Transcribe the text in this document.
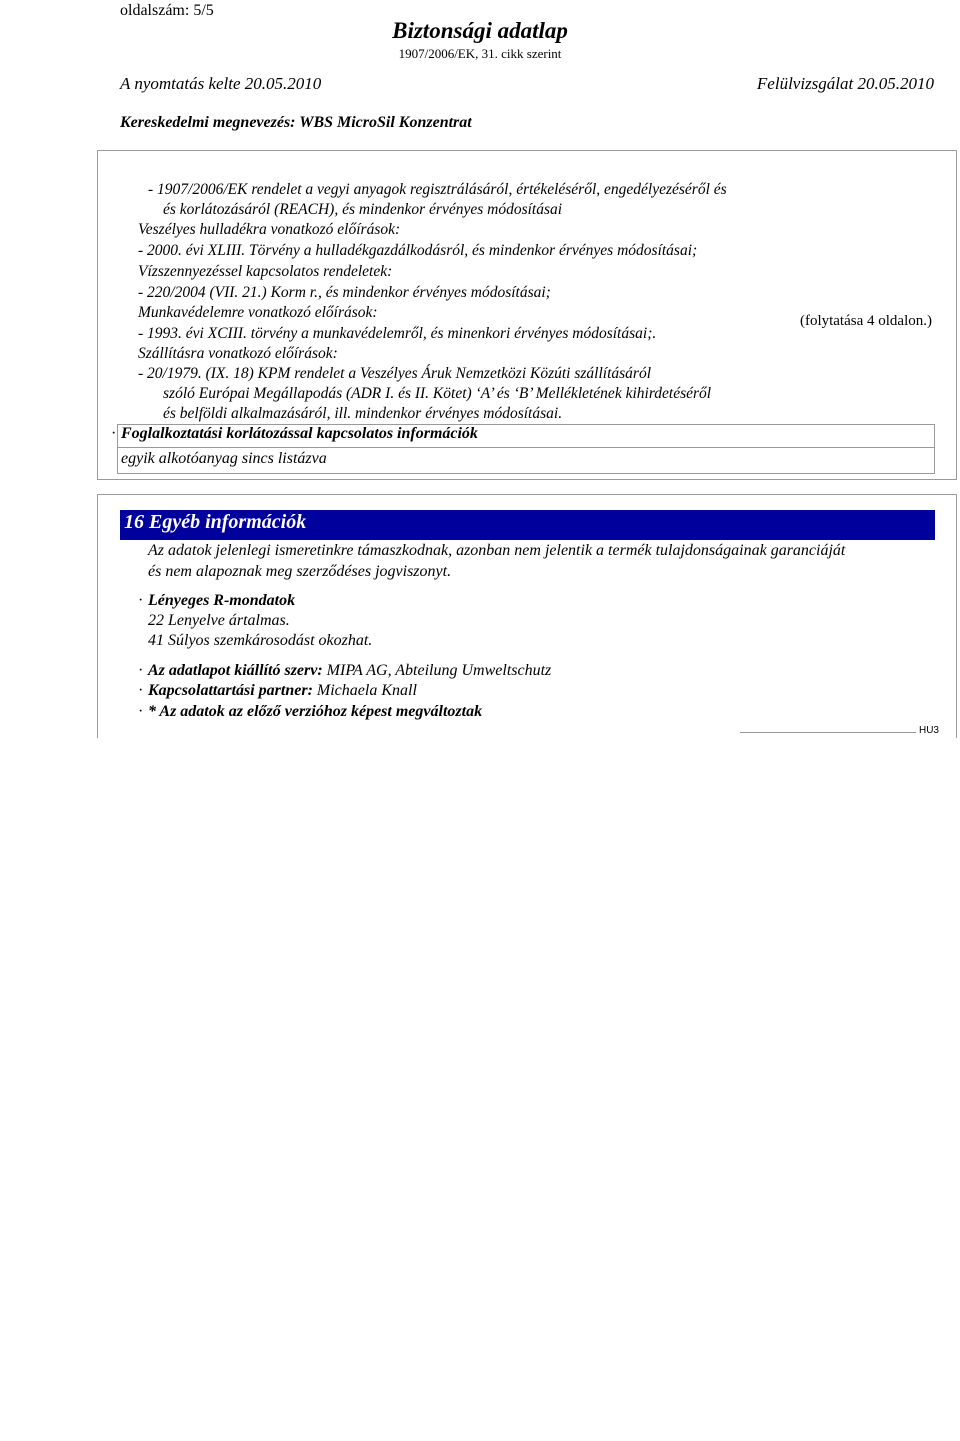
oldalszám: 5/5
Biztonsági adatlap
1907/2006/EK, 31. cikk szerint
A nyomtatás kelte 20.05.2010	Felülvizsgálat 20.05.2010
Kereskedelmi megnevezés: WBS MicroSil Konzentrat
(folytatása 4 oldalon.)
- 1907/2006/EK rendelet a vegyi anyagok regisztrálásáról, értékeléséről, engedélyezéséről és
és korlátozásáról (REACH), és mindenkor érvényes módosításai
Veszélyes hulladékra vonatkozó előírások:
- 2000. évi XLIII. Törvény a hulladékgazdálkodásról, és mindenkor érvényes módosításai;
Vízszennyezéssel kapcsolatos rendeletek:
- 220/2004 (VII. 21.) Korm r., és mindenkor érvényes módosításai;
Munkavédelemre vonatkozó előírások:
- 1993. évi XCIII. törvény a munkavédelemről, és minenkori érvényes módosításai;.
Szállításra vonatkozó előírások:
- 20/1979. (IX. 18) KPM rendelet a Veszélyes Áruk Nemzetközi Közúti szállításáról
szóló Európai Megállapodás (ADR I. és II. Kötet) ‘A’ és ‘B’ Mellékletének kihirdetéséről
és belföldi alkalmazásáról, ill. mindenkor érvényes módosításai.
· Foglalkoztatási korlátozással kapcsolatos információk
egyik alkotóanyag sincs listázva
16 Egyéb információk
Az adatok jelenlegi ismeretinkre támaszkodnak, azonban nem jelentik a termék tulajdonságainak garanciáját
és nem alapoznak meg szerződéses jogviszonyt.
· Lényeges R-mondatok
22 Lenyelve ártalmas.
41 Súlyos szemkárosodást okozhat.
· Az adatlapot kiállító szerv: MIPA AG, Abteilung Umweltschutz
· Kapcsolattartási partner: Michaela Knall
· * Az adatok az előző verzióhoz képest megváltoztak
HU3
